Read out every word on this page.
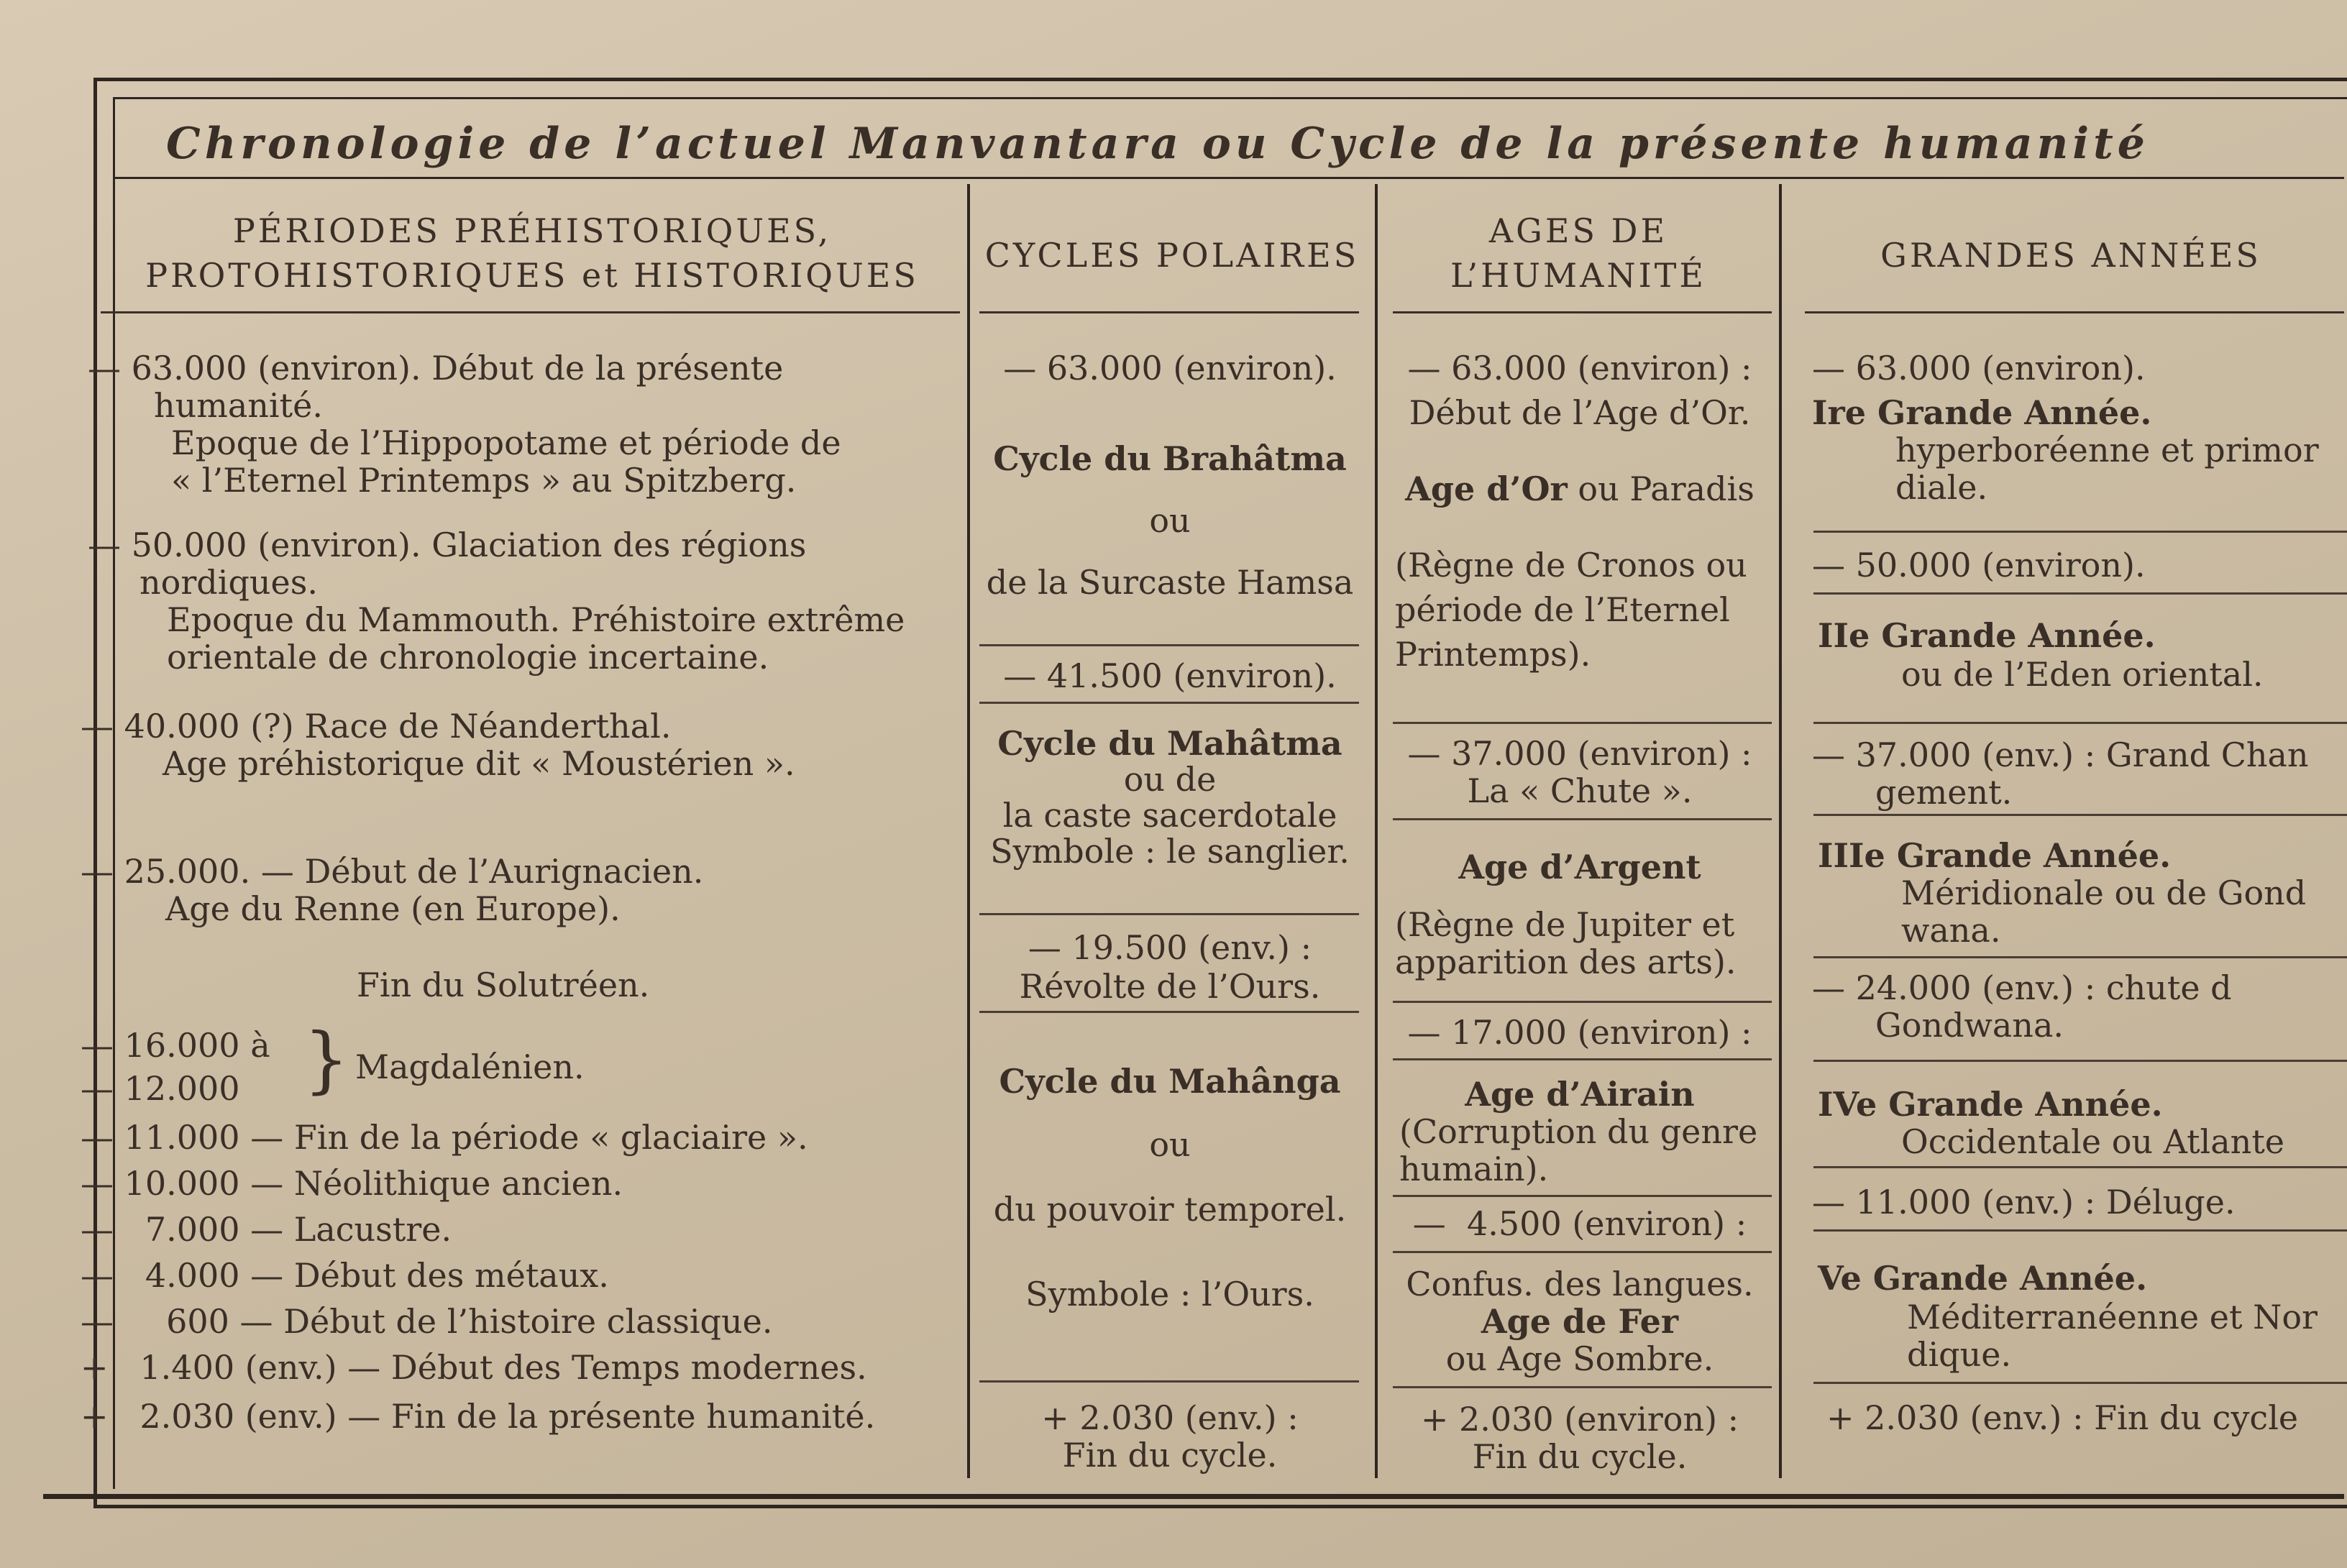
Chronologie de l’actuel Manvantara ou Cycle de la présente humanité
PÉRIODES PRÉHISTORIQUES,
PROTOHISTORIQUES et HISTORIQUES
CYCLES POLAIRES
AGES DE
L’HUMANITÉ
GRANDES ANNÉES
— 63.000 (environ). Début de la présente
humanité.
Epoque de l’Hippopotame et période de
« l’Eternel Printemps » au Spitzberg.
— 50.000 (environ). Glaciation des régions
nordiques.
Epoque du Mammouth. Préhistoire extrême
orientale de chronologie incertaine.
— 40.000 (?) Race de Néanderthal.
Age préhistorique dit « Moustérien ».
— 25.000. — Début de l’Aurignacien.
Age du Renne (en Europe).
Fin du Solutréen.
— 16.000 à
— 12.000 } Magdalénien.
— 11.000 — Fin de la période « glaciaire ».
— 10.000 — Néolithique ancien.
—   7.000 — Lacustre.
—   4.000 — Début des métaux.
—     600 — Début de l’histoire classique.
+   1.400 (env.) — Début des Temps modernes.
+   2.030 (env.) — Fin de la présente humanité.
— 63.000 (environ).
Cycle du Brahâtma
ou
de la Surcaste Hamsa
— 41.500 (environ).
Cycle du Mahâtma
ou de
la caste sacerdotale
Symbole : le sanglier.
— 19.500 (env.) :
Révolte de l’Ours.
Cycle du Mahânga
ou
du pouvoir temporel.
Symbole : l’Ours.
+ 2.030 (env.) :
Fin du cycle.
— 63.000 (environ) :
Début de l’Age d’Or.
Age d’Or ou Paradis
(Règne de Cronos ou
période de l’Eternel
Printemps).
— 37.000 (environ) :
La « Chute ».
Age d’Argent
(Règne de Jupiter et
apparition des arts).
— 17.000 (environ) :
Age d’Airain
(Corruption du genre
humain).
—  4.500 (environ) :
Confus. des langues.
Age de Fer
ou Age Sombre.
+ 2.030 (environ) :
Fin du cycle.
— 63.000 (environ).
Ire Grande Année.
hyperboréenne et primor
diale.
— 50.000 (environ).
IIe Grande Année.
ou de l’Eden oriental.
— 37.000 (env.) : Grand Chan
gement.
IIIe Grande Année.
Méridionale ou de Gond
wana.
— 24.000 (env.) : chute d
Gondwana.
IVe Grande Année.
Occidentale ou Atlante
— 11.000 (env.) : Déluge.
Ve Grande Année.
Méditerranéenne et Nor
dique.
+ 2.030 (env.) : Fin du cycle
